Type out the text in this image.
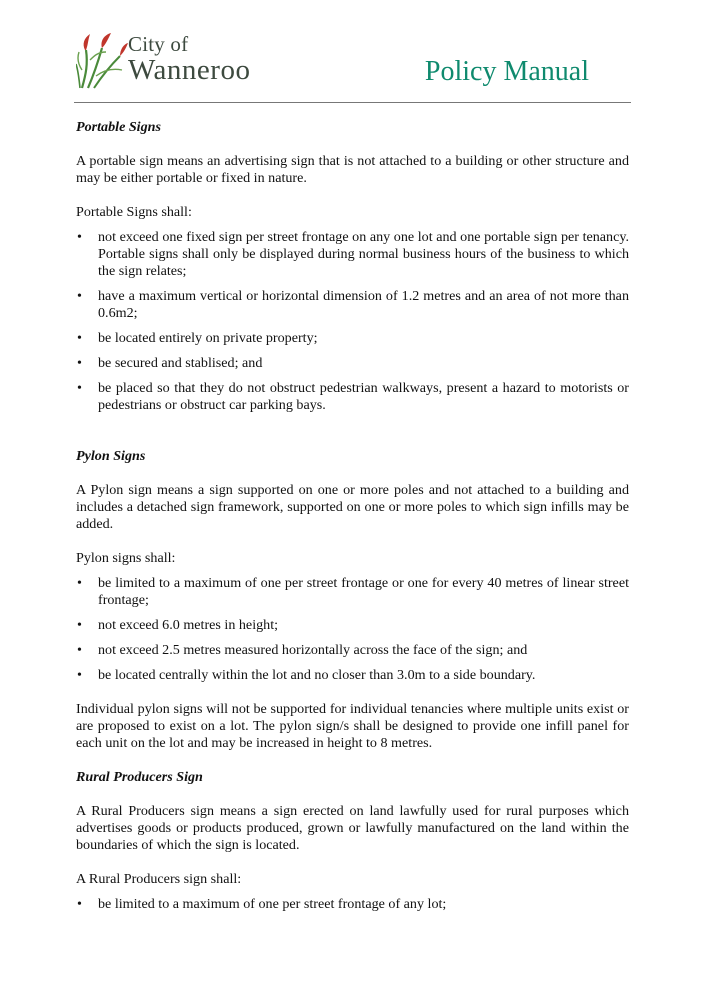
City of
Wanneroo	Policy Manual
Portable Signs
A portable sign means an advertising sign that is not attached to a building or other structure and may be either portable or fixed in nature.
Portable Signs shall:
• not exceed one fixed sign per street frontage on any one lot and one portable sign per tenancy. Portable signs shall only be displayed during normal business hours of the business to which the sign relates;
• have a maximum vertical or horizontal dimension of 1.2 metres and an area of not more than 0.6m2;
• be located entirely on private property;
• be secured and stablised; and
• be placed so that they do not obstruct pedestrian walkways, present a hazard to motorists or pedestrians or obstruct car parking bays.
Pylon Signs
A Pylon sign means a sign supported on one or more poles and not attached to a building and includes a detached sign framework, supported on one or more poles to which sign infills may be added.
Pylon signs shall:
• be limited to a maximum of one per street frontage or one for every 40 metres of linear street frontage;
• not exceed 6.0 metres in height;
• not exceed 2.5 metres measured horizontally across the face of the sign; and
• be located centrally within the lot and no closer than 3.0m to a side boundary.
Individual pylon signs will not be supported for individual tenancies where multiple units exist or are proposed to exist on a lot. The pylon sign/s shall be designed to provide one infill panel for each unit on the lot and may be increased in height to 8 metres.
Rural Producers Sign
A Rural Producers sign means a sign erected on land lawfully used for rural purposes which advertises goods or products produced, grown or lawfully manufactured on the land within the boundaries of which the sign is located.
A Rural Producers sign shall:
• be limited to a maximum of one per street frontage of any lot;
